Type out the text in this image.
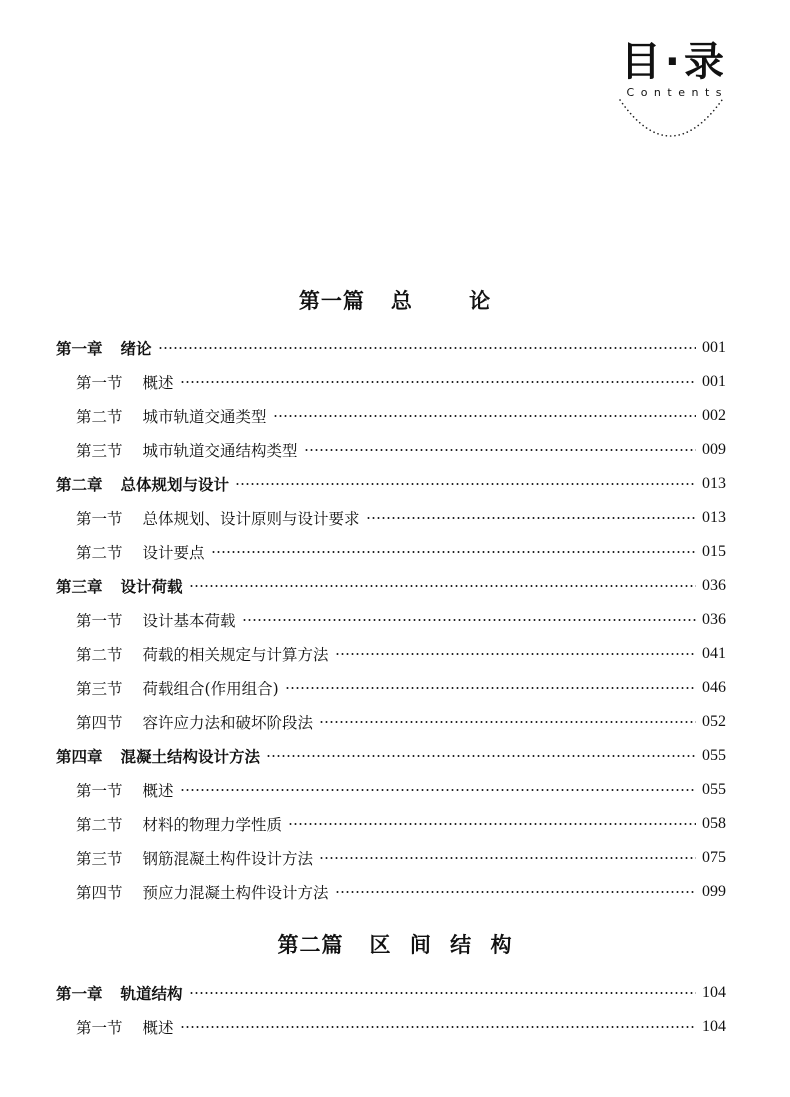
目·录
Contents
第一篇 总 论
第一章 绪论	001
第一节 概述	001
第二节 城市轨道交通类型	002
第三节 城市轨道交通结构类型	009
第二章 总体规划与设计	013
第一节 总体规划、设计原则与设计要求	013
第二节 设计要点	015
第三章 设计荷载	036
第一节 设计基本荷载	036
第二节 荷载的相关规定与计算方法	041
第三节 荷载组合(作用组合)	046
第四节 容许应力法和破坏阶段法	052
第四章 混凝土结构设计方法	055
第一节 概述	055
第二节 材料的物理力学性质	058
第三节 钢筋混凝土构件设计方法	075
第四节 预应力混凝土构件设计方法	099
第二篇 区 间 结 构
第一章 轨道结构	104
第一节 概述	104
